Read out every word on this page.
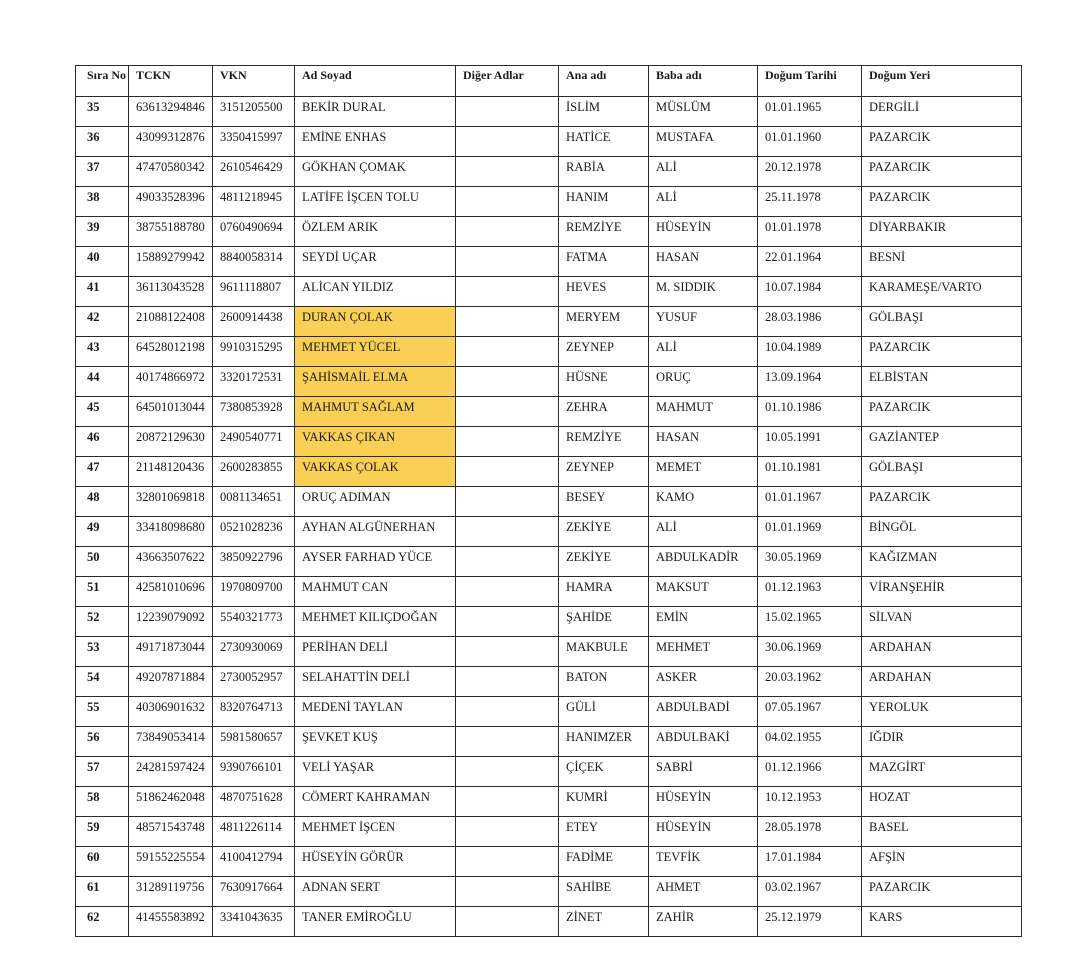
Sıra No	TCKN	VKN	Ad Soyad	Diğer Adlar	Ana adı	Baba adı	Doğum Tarihi	Doğum Yeri
35	63613294846	3151205500	BEKİR DURAL		İSLİM	MÜSLÜM	01.01.1965	DERGİLİ
36	43099312876	3350415997	EMİNE ENHAS		HATİCE	MUSTAFA	01.01.1960	PAZARCIK
37	47470580342	2610546429	GÖKHAN ÇOMAK		RABİA	ALİ	20.12.1978	PAZARCIK
38	49033528396	4811218945	LATİFE İŞCEN TOLU		HANIM	ALİ	25.11.1978	PAZARCIK
39	38755188780	0760490694	ÖZLEM ARIK		REMZİYE	HÜSEYİN	01.01.1978	DİYARBAKIR
40	15889279942	8840058314	SEYDİ UÇAR		FATMA	HASAN	22.01.1964	BESNİ
41	36113043528	9611118807	ALİCAN YILDIZ		HEVES	M. SIDDIK	10.07.1984	KARAMEŞE/VARTO
42	21088122408	2600914438	DURAN ÇOLAK		MERYEM	YUSUF	28.03.1986	GÖLBAŞI
43	64528012198	9910315295	MEHMET YÜCEL		ZEYNEP	ALİ	10.04.1989	PAZARCIK
44	40174866972	3320172531	ŞAHİSMAİL ELMA		HÜSNE	ORUÇ	13.09.1964	ELBİSTAN
45	64501013044	7380853928	MAHMUT SAĞLAM		ZEHRA	MAHMUT	01.10.1986	PAZARCIK
46	20872129630	2490540771	VAKKAS ÇIKAN		REMZİYE	HASAN	10.05.1991	GAZİANTEP
47	21148120436	2600283855	VAKKAS ÇOLAK		ZEYNEP	MEMET	01.10.1981	GÖLBAŞI
48	32801069818	0081134651	ORUÇ ADIMAN		BESEY	KAMO	01.01.1967	PAZARCIK
49	33418098680	0521028236	AYHAN ALGÜNERHAN		ZEKİYE	ALİ	01.01.1969	BİNGÖL
50	43663507622	3850922796	AYSER FARHAD YÜCE		ZEKİYE	ABDULKADİR	30.05.1969	KAĞIZMAN
51	42581010696	1970809700	MAHMUT CAN		HAMRA	MAKSUT	01.12.1963	VİRANŞEHİR
52	12239079092	5540321773	MEHMET KILIÇDOĞAN		ŞAHİDE	EMİN	15.02.1965	SİLVAN
53	49171873044	2730930069	PERİHAN DELİ		MAKBULE	MEHMET	30.06.1969	ARDAHAN
54	49207871884	2730052957	SELAHATTİN DELİ		BATON	ASKER	20.03.1962	ARDAHAN
55	40306901632	8320764713	MEDENİ TAYLAN		GÜLİ	ABDULBADİ	07.05.1967	YEROLUK
56	73849053414	5981580657	ŞEVKET KUŞ		HANIMZER	ABDULBAKİ	04.02.1955	IĞDIR
57	24281597424	9390766101	VELİ YAŞAR		ÇİÇEK	SABRİ	01.12.1966	MAZGİRT
58	51862462048	4870751628	CÖMERT KAHRAMAN		KUMRİ	HÜSEYİN	10.12.1953	HOZAT
59	48571543748	4811226114	MEHMET İŞCEN		ETEY	HÜSEYİN	28.05.1978	BASEL
60	59155225554	4100412794	HÜSEYİN GÖRÜR		FADİME	TEVFİK	17.01.1984	AFŞİN
61	31289119756	7630917664	ADNAN SERT		SAHİBE	AHMET	03.02.1967	PAZARCIK
62	41455583892	3341043635	TANER EMİROĞLU		ZİNET	ZAHİR	25.12.1979	KARS
